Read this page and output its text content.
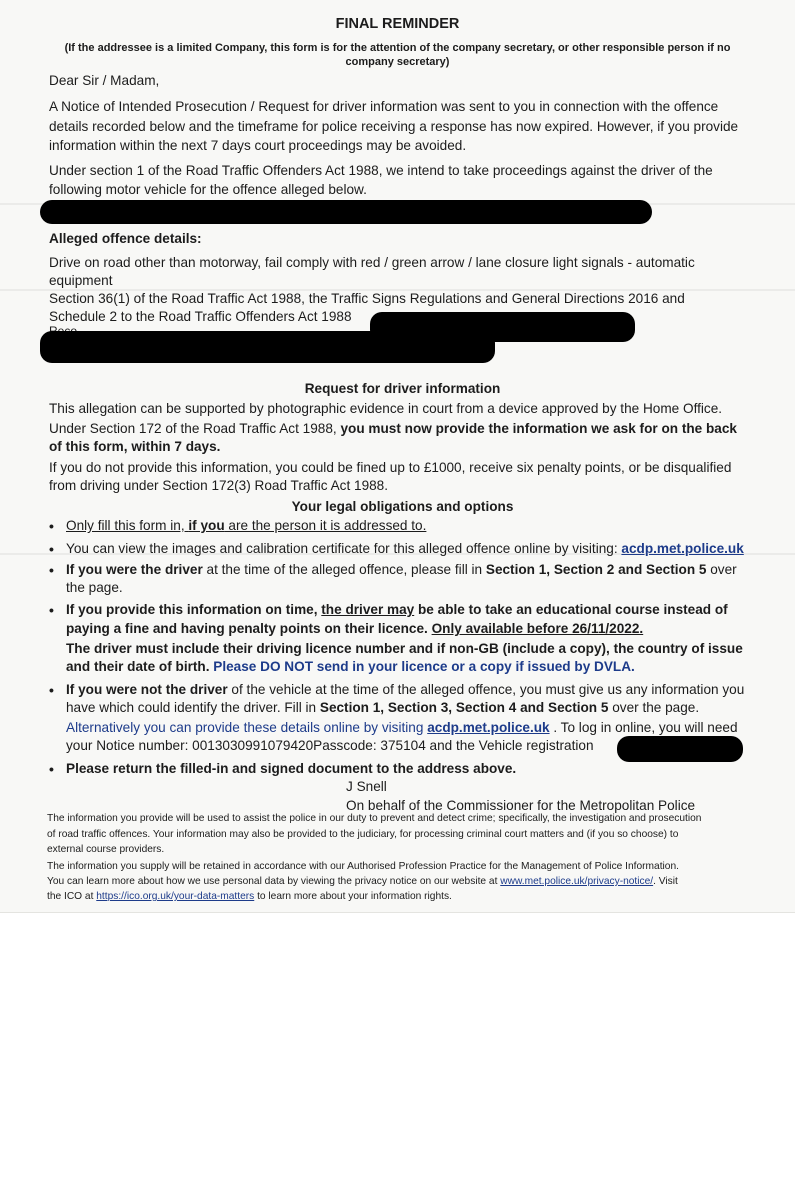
FINAL REMINDER
(If the addressee is a limited Company, this form is for the attention of the company secretary, or other responsible person if no
company secretary)
Dear Sir / Madam,
A Notice of Intended Prosecution / Request for driver information was sent to you in connection with the offence
details recorded below and the timeframe for police receiving a response has now expired. However, if you provide
information within the next 7 days court proceedings may be avoided.
Under section 1 of the Road Traffic Offenders Act 1988, we intend to take proceedings against the driver of the
following motor vehicle for the offence alleged below.
Alleged offence details:
Drive on road other than motorway, fail comply with red / green arrow / lane closure light signals - automatic
equipment
Section 36(1) of the Road Traffic Act 1988, the Traffic Signs Regulations and General Directions 2016 and
Schedule 2 to the Road Traffic Offenders Act 1988
Request for driver information
This allegation can be supported by photographic evidence in court from a device approved by the Home Office.
Under Section 172 of the Road Traffic Act 1988, you must now provide the information we ask for on the back
of this form, within 7 days.
If you do not provide this information, you could be fined up to £1000, receive six penalty points, or be disqualified
from driving under Section 172(3) Road Traffic Act 1988.
Your legal obligations and options
• Only fill this form in, if you are the person it is addressed to.
• You can view the images and calibration certificate for this alleged offence online by visiting: acdp.met.police.uk
• If you were the driver at the time of the alleged offence, please fill in Section 1, Section 2 and Section 5 over
the page.
• If you provide this information on time, the driver may be able to take an educational course instead of
paying a fine and having penalty points on their licence. Only available before 26/11/2022.
The driver must include their driving licence number and if non-GB (include a copy), the country of issue
and their date of birth. Please DO NOT send in your licence or a copy if issued by DVLA.
• If you were not the driver of the vehicle at the time of the alleged offence, you must give us any information you
have which could identify the driver. Fill in Section 1, Section 3, Section 4 and Section 5 over the page.
Alternatively you can provide these details online by visiting acdp.met.police.uk . To log in online, you will need
your Notice number: 0013030991079420Passcode: 375104 and the Vehicle registration
• Please return the filled-in and signed document to the address above.
J Snell
On behalf of the Commissioner for the Metropolitan Police
The information you provide will be used to assist the police in our duty to prevent and detect crime; specifically, the investigation and prosecution
of road traffic offences. Your information may also be provided to the judiciary, for processing criminal court matters and (if you so choose) to
external course providers.
The information you supply will be retained in accordance with our Authorised Profession Practice for the Management of Police Information.
You can learn more about how we use personal data by viewing the privacy notice on our website at www.met.police.uk/privacy-notice/. Visit
the ICO at https://ico.org.uk/your-data-matters to learn more about your information rights.
